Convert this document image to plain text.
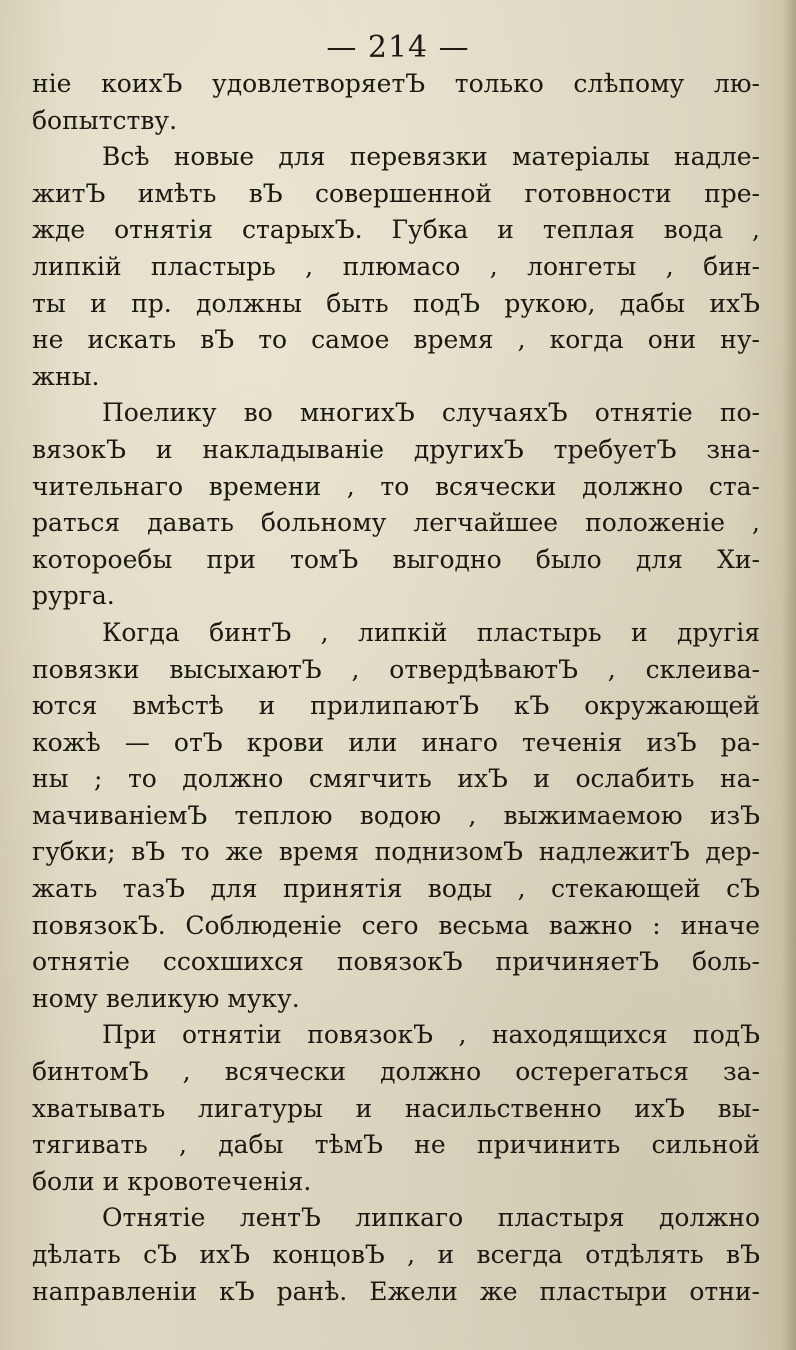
— 214 —
ніе коихЪ удовлетворяетЪ только слѣпому лю-
бопытству.
Всѣ новые для перевязки матеріалы надле-
житЪ имѣть вЪ совершенной готовности пре-
жде отнятія старыхЪ. Губка и теплая вода ,
липкій пластырь , плюмасо , лонгеты , бин-
ты и пр. должны быть подЪ рукою, дабы ихЪ
не искать вЪ то самое время , когда они ну-
жны.
Поелику во многихЪ случаяхЪ отнятіе по-
вязокЪ и накладываніе другихЪ требуетЪ зна-
чительнаго времени , то всячески должно ста-
раться давать больному легчайшее положеніе ,
котороебы при томЪ выгодно было для Хи-
рурга.
Когда бинтЪ , липкій пластырь и другія
повязки высыхаютЪ , отвердѣваютЪ , склеива-
ются вмѣстѣ и прилипаютЪ кЪ окружающей
кожѣ — отЪ крови или инаго теченія изЪ ра-
ны ; то должно смягчить ихЪ и ослабить на-
мачиваніемЪ теплою водою , выжимаемою изЪ
губки; вЪ то же время поднизомЪ надлежитЪ дер-
жать тазЪ для принятія воды , стекающей сЪ
повязокЪ. Соблюденіе сего весьма важно : иначе
отнятіе ссохшихся повязокЪ причиняетЪ боль-
ному великую муку.
При отнятіи повязокЪ , находящихся подЪ
бинтомЪ , всячески должно остерегаться за-
хватывать лигатуры и насильственно ихЪ вы-
тягивать , дабы тѣмЪ не причинить сильной
боли и кровотеченія.
Отнятіе лентЪ липкаго пластыря должно
дѣлать сЪ ихЪ концовЪ , и всегда отдѣлять вЪ
направленіи кЪ ранѣ. Ежели же пластыри отни-
